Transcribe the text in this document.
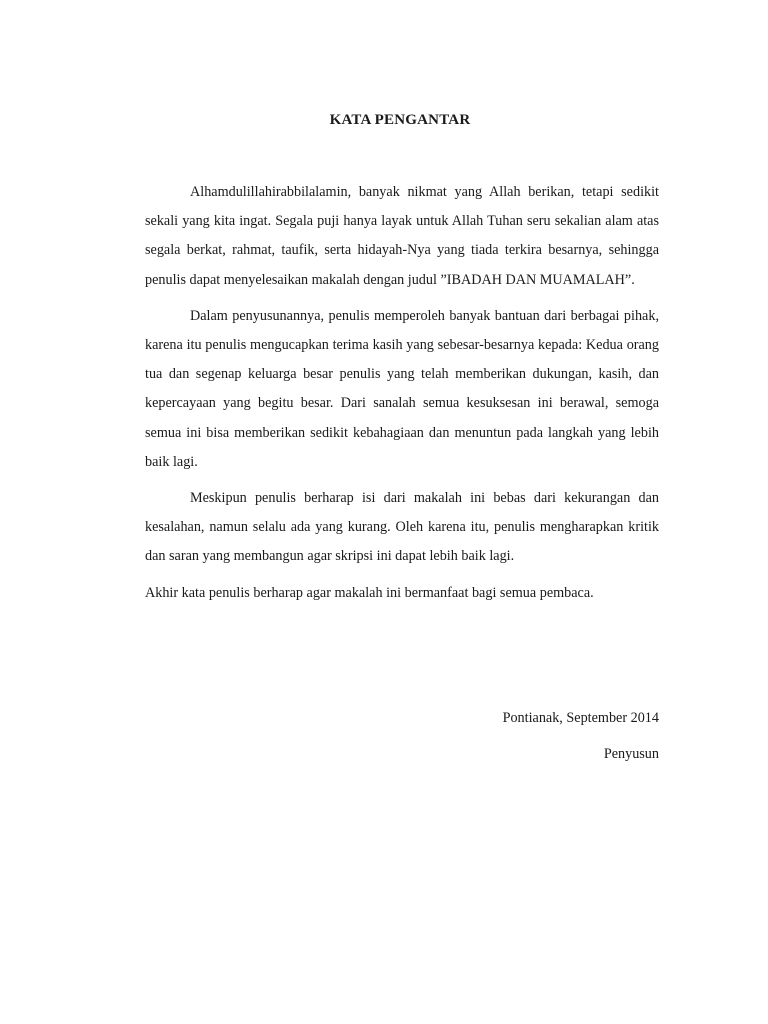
KATA PENGANTAR

Alhamdulillahirabbilalamin, banyak nikmat yang Allah berikan, tetapi sedikit sekali yang kita ingat. Segala puji hanya layak untuk Allah Tuhan seru sekalian alam atas segala berkat, rahmat, taufik, serta hidayah-Nya yang tiada terkira besarnya, sehingga penulis dapat menyelesaikan makalah dengan judul ”IBADAH DAN MUAMALAH”.

Dalam penyusunannya, penulis memperoleh banyak bantuan dari berbagai pihak, karena itu penulis mengucapkan terima kasih yang sebesar-besarnya kepada: Kedua orang tua dan segenap keluarga besar penulis yang telah memberikan dukungan, kasih, dan kepercayaan yang begitu besar. Dari sanalah semua kesuksesan ini berawal, semoga semua ini bisa memberikan sedikit kebahagiaan dan menuntun pada langkah yang lebih baik lagi.

Meskipun penulis berharap isi dari makalah ini bebas dari kekurangan dan kesalahan, namun selalu ada yang kurang. Oleh karena itu, penulis mengharapkan kritik dan saran yang membangun agar skripsi ini dapat lebih baik lagi.

Akhir kata penulis berharap agar makalah ini bermanfaat bagi semua pembaca.

Pontianak, September 2014
Penyusun
